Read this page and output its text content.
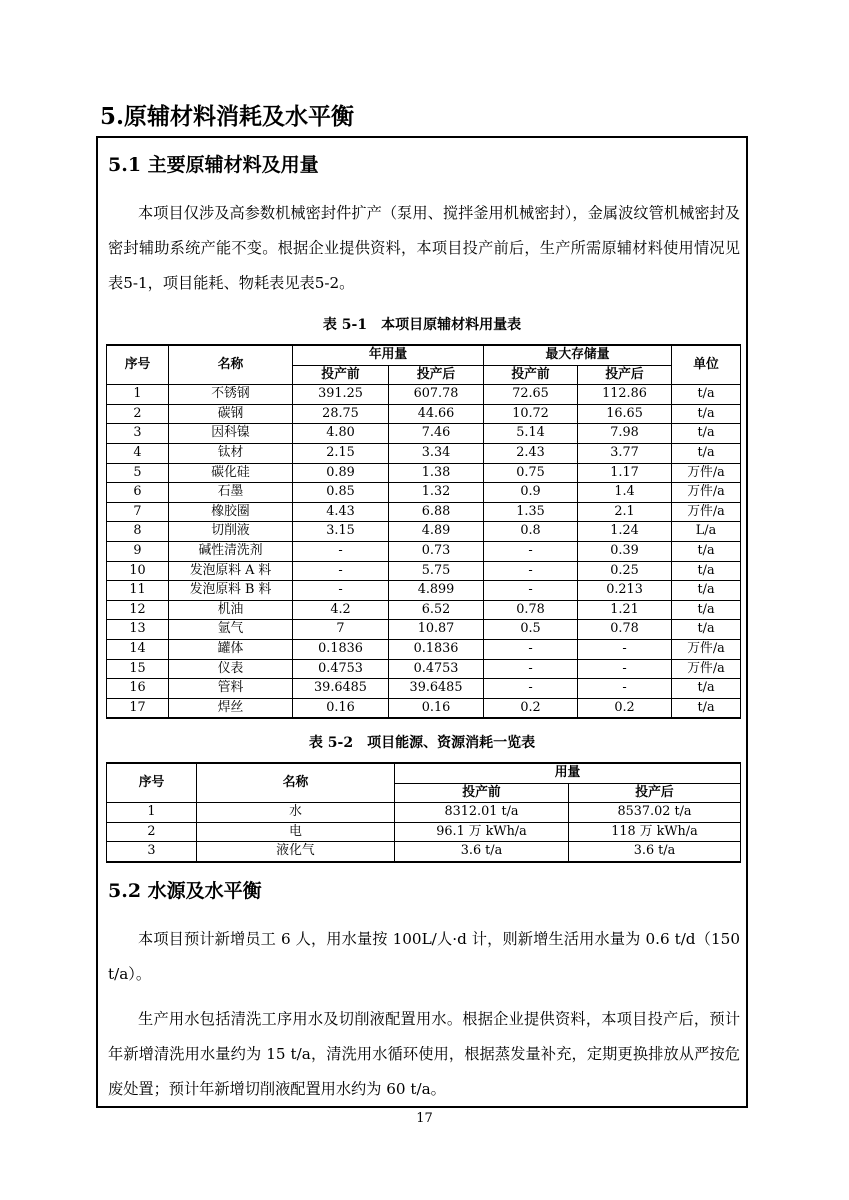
5.原辅材料消耗及水平衡
5.1 主要原辅材料及用量

本项目仅涉及高参数机械密封件扩产（泵用、搅拌釜用机械密封），金属波纹管机械密封及密封辅助系统产能不变。根据企业提供资料，本项目投产前后，生产所需原辅材料使用情况见表5-1，项目能耗、物耗表见表5-2。

表 5-1　本项目原辅材料用量表

序号	名称	年用量		最大存储量		单位
		投产前	投产后	投产前	投产后	
1	不锈钢	391.25	607.78	72.65	112.86	t/a
2	碳钢	28.75	44.66	10.72	16.65	t/a
3	因科镍	4.80	7.46	5.14	7.98	t/a
4	钛材	2.15	3.34	2.43	3.77	t/a
5	碳化硅	0.89	1.38	0.75	1.17	万件/a
6	石墨	0.85	1.32	0.9	1.4	万件/a
7	橡胶圈	4.43	6.88	1.35	2.1	万件/a
8	切削液	3.15	4.89	0.8	1.24	L/a
9	碱性清洗剂	-	0.73	-	0.39	t/a
10	发泡原料 A 料	-	5.75	-	0.25	t/a
11	发泡原料 B 料	-	4.899	-	0.213	t/a
12	机油	4.2	6.52	0.78	1.21	t/a
13	氩气	7	10.87	0.5	0.78	t/a
14	罐体	0.1836	0.1836	-	-	万件/a
15	仪表	0.4753	0.4753	-	-	万件/a
16	管料	39.6485	39.6485	-	-	t/a
17	焊丝	0.16	0.16	0.2	0.2	t/a

表 5-2　项目能源、资源消耗一览表

序号	名称	用量	
		投产前	投产后
1	水	8312.01 t/a	8537.02 t/a
2	电	96.1 万 kWh/a	118 万 kWh/a
3	液化气	3.6 t/a	3.6 t/a
5.2 水源及水平衡

本项目预计新增员工 6 人，用水量按 100L/人·d 计，则新增生活用水量为 0.6 t/d（150 t/a）。

生产用水包括清洗工序用水及切削液配置用水。根据企业提供资料，本项目投产后，预计年新增清洗用水量约为 15 t/a，清洗用水循环使用，根据蒸发量补充，定期更换排放从严按危废处置；预计年新增切削液配置用水约为 60 t/a。

17
